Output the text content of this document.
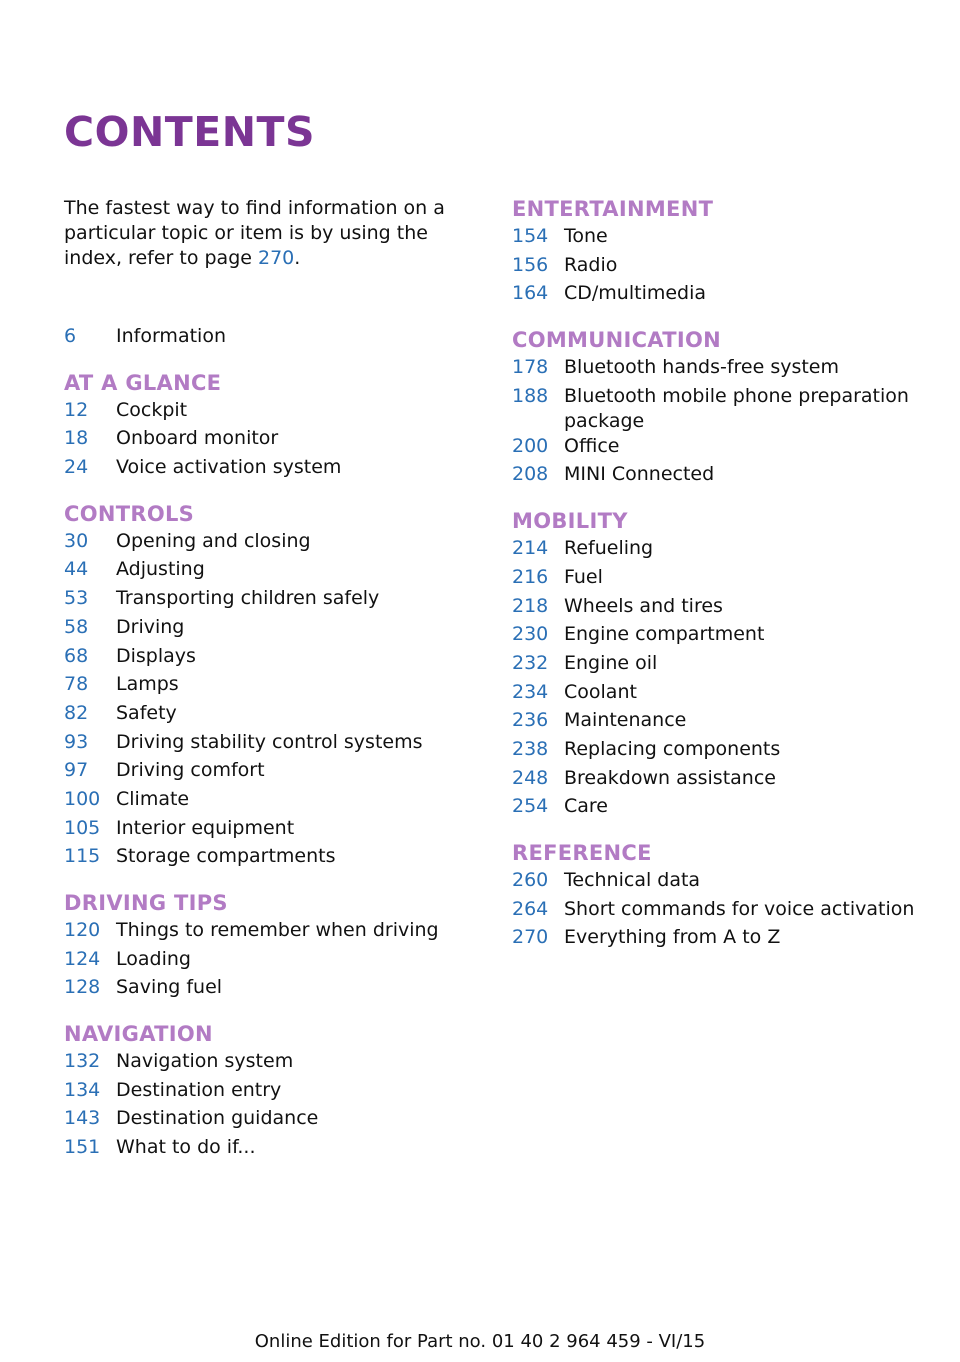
CONTENTS

The fastest way to find information on a particular topic or item is by using the index, refer to page 270.

6	Information
AT A GLANCE
12	Cockpit
18	Onboard monitor
24	Voice activation system
CONTROLS
30	Opening and closing
44	Adjusting
53	Transporting children safely
58	Driving
68	Displays
78	Lamps
82	Safety
93	Driving stability control systems
97	Driving comfort
100 Climate
105 Interior equipment
115 Storage compartments
DRIVING TIPS
120 Things to remember when driving
124 Loading
128 Saving fuel
NAVIGATION
132 Navigation system
134 Destination entry
143 Destination guidance
151 What to do if...
ENTERTAINMENT
154 Tone
156 Radio
164 CD/multimedia
COMMUNICATION
178 Bluetooth hands-free system
188 Bluetooth mobile phone preparation package
200 Office
208 MINI Connected
MOBILITY
214 Refueling
216 Fuel
218 Wheels and tires
230 Engine compartment
232 Engine oil
234 Coolant
236 Maintenance
238 Replacing components
248 Breakdown assistance
254 Care
REFERENCE
260 Technical data
264 Short commands for voice activation
270 Everything from A to Z
Online Edition for Part no. 01 40 2 964 459 - VI/15
